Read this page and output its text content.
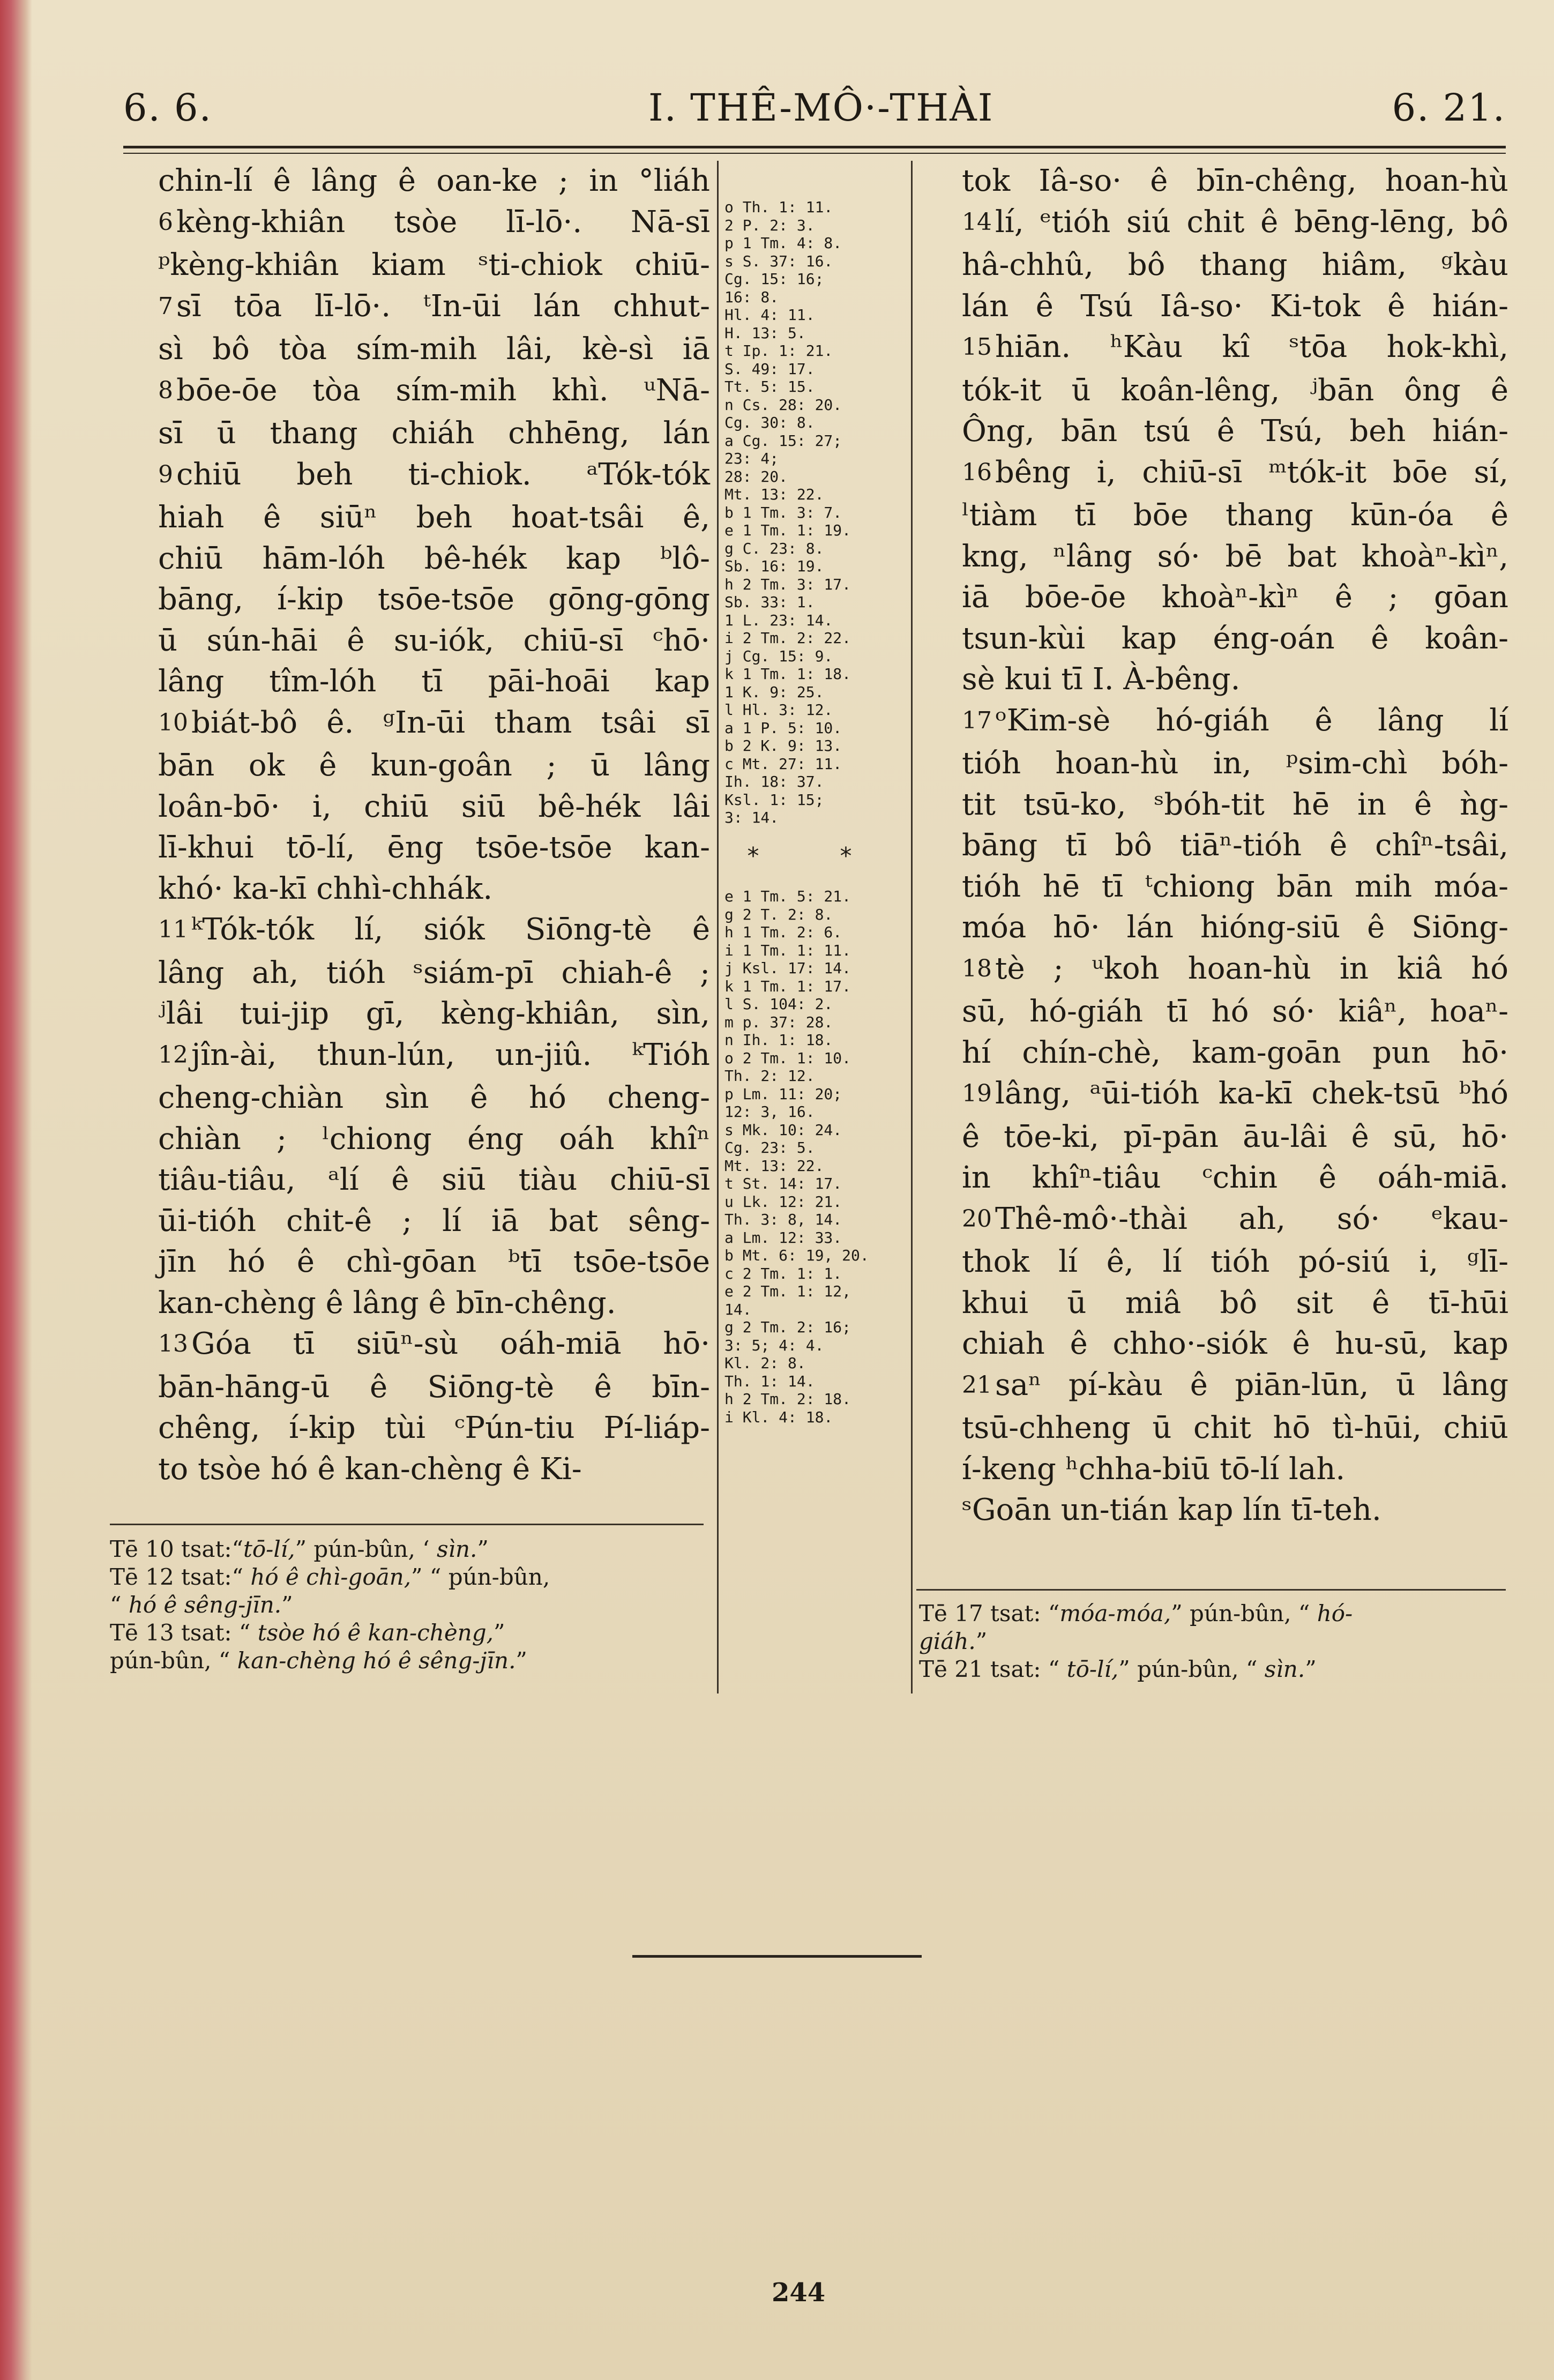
6. 6.	I. THÊ-MÔ·-THÀI	6. 21.
chin-lí ê lâng ê oan-ke ; in °liáh
6 kèng-khiân tsòe lī-lō·. Nā-sī
ᵖkèng-khiân kiam ˢti-chiok chiū-
7 sī tōa lī-lō·. ᵗIn-ūi lán chhut-
sì bô tòa sím-mih lâi, kè-sì iā
8 bōe-ōe tòa sím-mih khì. ᵘNā-
sī ū thang chiáh chhēng, lán
9 chiū beh ti-chiok. ᵃTók-tók
hiah ê siūⁿ beh hoat-tsâi ê,
chiū hām-lóh bê-hék kap ᵇlô-
bāng, í-kip tsōe-tsōe gōng-gōng
ū sún-hāi ê su-iók, chiū-sī ᶜhō·
lâng tîm-lóh tī pāi-hoāi kap
10 biát-bô ê. ᵍIn-ūi tham tsâi sī
bān ok ê kun-goân ; ū lâng
loân-bō· i, chiū siū bê-hék lâi
lī-khui tō-lí, ēng tsōe-tsōe kan-
khó· ka-kī chhì-chhák.
11 ᵏTók-tók lí, siók Siōng-tè ê
lâng ah, tióh ˢsiám-pī chiah-ê ;
ʲlâi tui-jip gī, kèng-khiân, sìn,
12 jîn-ài, thun-lún, un-jiû. ᵏTióh
cheng-chiàn sìn ê hó cheng-
chiàn ; ˡchiong éng oáh khîⁿ
tiâu-tiâu, ᵃlí ê siū tiàu chiū-sī
ūi-tióh chit-ê ; lí iā bat sêng-
jīn hó ê chì-gōan ᵇtī tsōe-tsōe
kan-chèng ê lâng ê bīn-chêng.
13 Góa tī siūⁿ-sù oáh-miā hō·
bān-hāng-ū ê Siōng-tè ê bīn-
chêng, í-kip tùi ᶜPún-tiu Pí-liáp-
to tsòe hó ê kan-chèng ê Ki-
o Th. 1: 11.
2 P. 2: 3.
p 1 Tm. 4: 8.
s S. 37: 16.
Cg. 15: 16;
16: 8.
Hl. 4: 11.
H. 13: 5.
t Ip. 1: 21.
S. 49: 17.
Tt. 5: 15.
n Cs. 28: 20.
Cg. 30: 8.
a Cg. 15: 27;
23: 4;
28: 20.
Mt. 13: 22.
b 1 Tm. 3: 7.
e 1 Tm. 1: 19.
g C. 23: 8.
Sb. 16: 19.
h 2 Tm. 3: 17.
Sb. 33: 1.
1 L. 23: 14.
i 2 Tm. 2: 22.
j Cg. 15: 9.
k 1 Tm. 1: 18.
1 K. 9: 25.
l Hl. 3: 12.
a 1 P. 5: 10.
b 2 K. 9: 13.
c Mt. 27: 11.
Ih. 18: 37.
Ksl. 1: 15;
3: 14.
* *
e 1 Tm. 5: 21.
g 2 T. 2: 8.
h 1 Tm. 2: 6.
i 1 Tm. 1: 11.
j Ksl. 17: 14.
k 1 Tm. 1: 17.
l S. 104: 2.
m p. 37: 28.
n Ih. 1: 18.
o 2 Tm. 1: 10.
Th. 2: 12.
p Lm. 11: 20;
12: 3, 16.
s Mk. 10: 24.
Cg. 23: 5.
Mt. 13: 22.
t St. 14: 17.
u Lk. 12: 21.
Th. 3: 8, 14.
a Lm. 12: 33.
b Mt. 6: 19, 20.
c 2 Tm. 1: 1.
e 2 Tm. 1: 12,
14.
g 2 Tm. 2: 16;
3: 5; 4: 4.
Kl. 2: 8.
Th. 1: 14.
h 2 Tm. 2: 18.
i Kl. 4: 18.
tok Iâ-so· ê bīn-chêng, hoan-hù
14 lí, ᵉtióh siú chit ê bēng-lēng, bô
hâ-chhû, bô thang hiâm, ᵍkàu
lán ê Tsú Iâ-so· Ki-tok ê hián-
15 hiān. ʰKàu kî ˢtōa hok-khì,
tók-it ū koân-lêng, ʲbān ông ê
Ông, bān tsú ê Tsú, beh hián-
16 bêng i, chiū-sī ᵐtók-it bōe sí,
ˡtiàm tī bōe thang kūn-óa ê
kng, ⁿlâng só· bē bat khoàⁿ-kìⁿ,
iā bōe-ōe khoàⁿ-kìⁿ ê ; gōan
tsun-kùi kap éng-oán ê koân-
sè kui tī I. À-bêng.
17 ᵒKim-sè hó-giáh ê lâng lí
tióh hoan-hù in, ᵖsim-chì bóh-
tit tsū-ko, ˢbóh-tit hē in ê ǹg-
bāng tī bô tiāⁿ-tióh ê chîⁿ-tsâi,
tióh hē tī ᵗchiong bān mih móa-
móa hō· lán hióng-siū ê Siōng-
18 tè ; ᵘkoh hoan-hù in kiâ hó
sū, hó-giáh tī hó só· kiâⁿ, hoaⁿ-
hí chín-chè, kam-goān pun hō·
19 lâng, ᵃūi-tióh ka-kī chek-tsū ᵇhó
ê tōe-ki, pī-pān āu-lâi ê sū, hō·
in khîⁿ-tiâu ᶜchin ê oáh-miā.
20 Thê-mô·-thài ah, só· ᵉkau-
thok lí ê, lí tióh pó-siú i, ᵍlī-
khui ū miâ bô sit ê tī-hūi
chiah ê chho·-siók ê hu-sū, kap
21 saⁿ pí-kàu ê piān-lūn, ū lâng
tsū-chheng ū chit hō tì-hūi, chiū
í-keng ʰchha-biū tō-lí lah.
ˢGoān un-tián kap lín tī-teh.
Tē 10 tsat:“tō-lí,” pún-bûn, ‘ sìn.”
Tē 12 tsat:“ hó ê chì-goān,” “ pún-bûn,
“ hó ê sêng-jīn.”
Tē 13 tsat: “ tsòe hó ê kan-chèng,”
pún-bûn, “ kan-chèng hó ê sêng-jīn.”
Tē 17 tsat: “móa-móa,” pún-bûn, “ hó-
giáh.”
Tē 21 tsat: “ tō-lí,” pún-bûn, “ sìn.”
244
